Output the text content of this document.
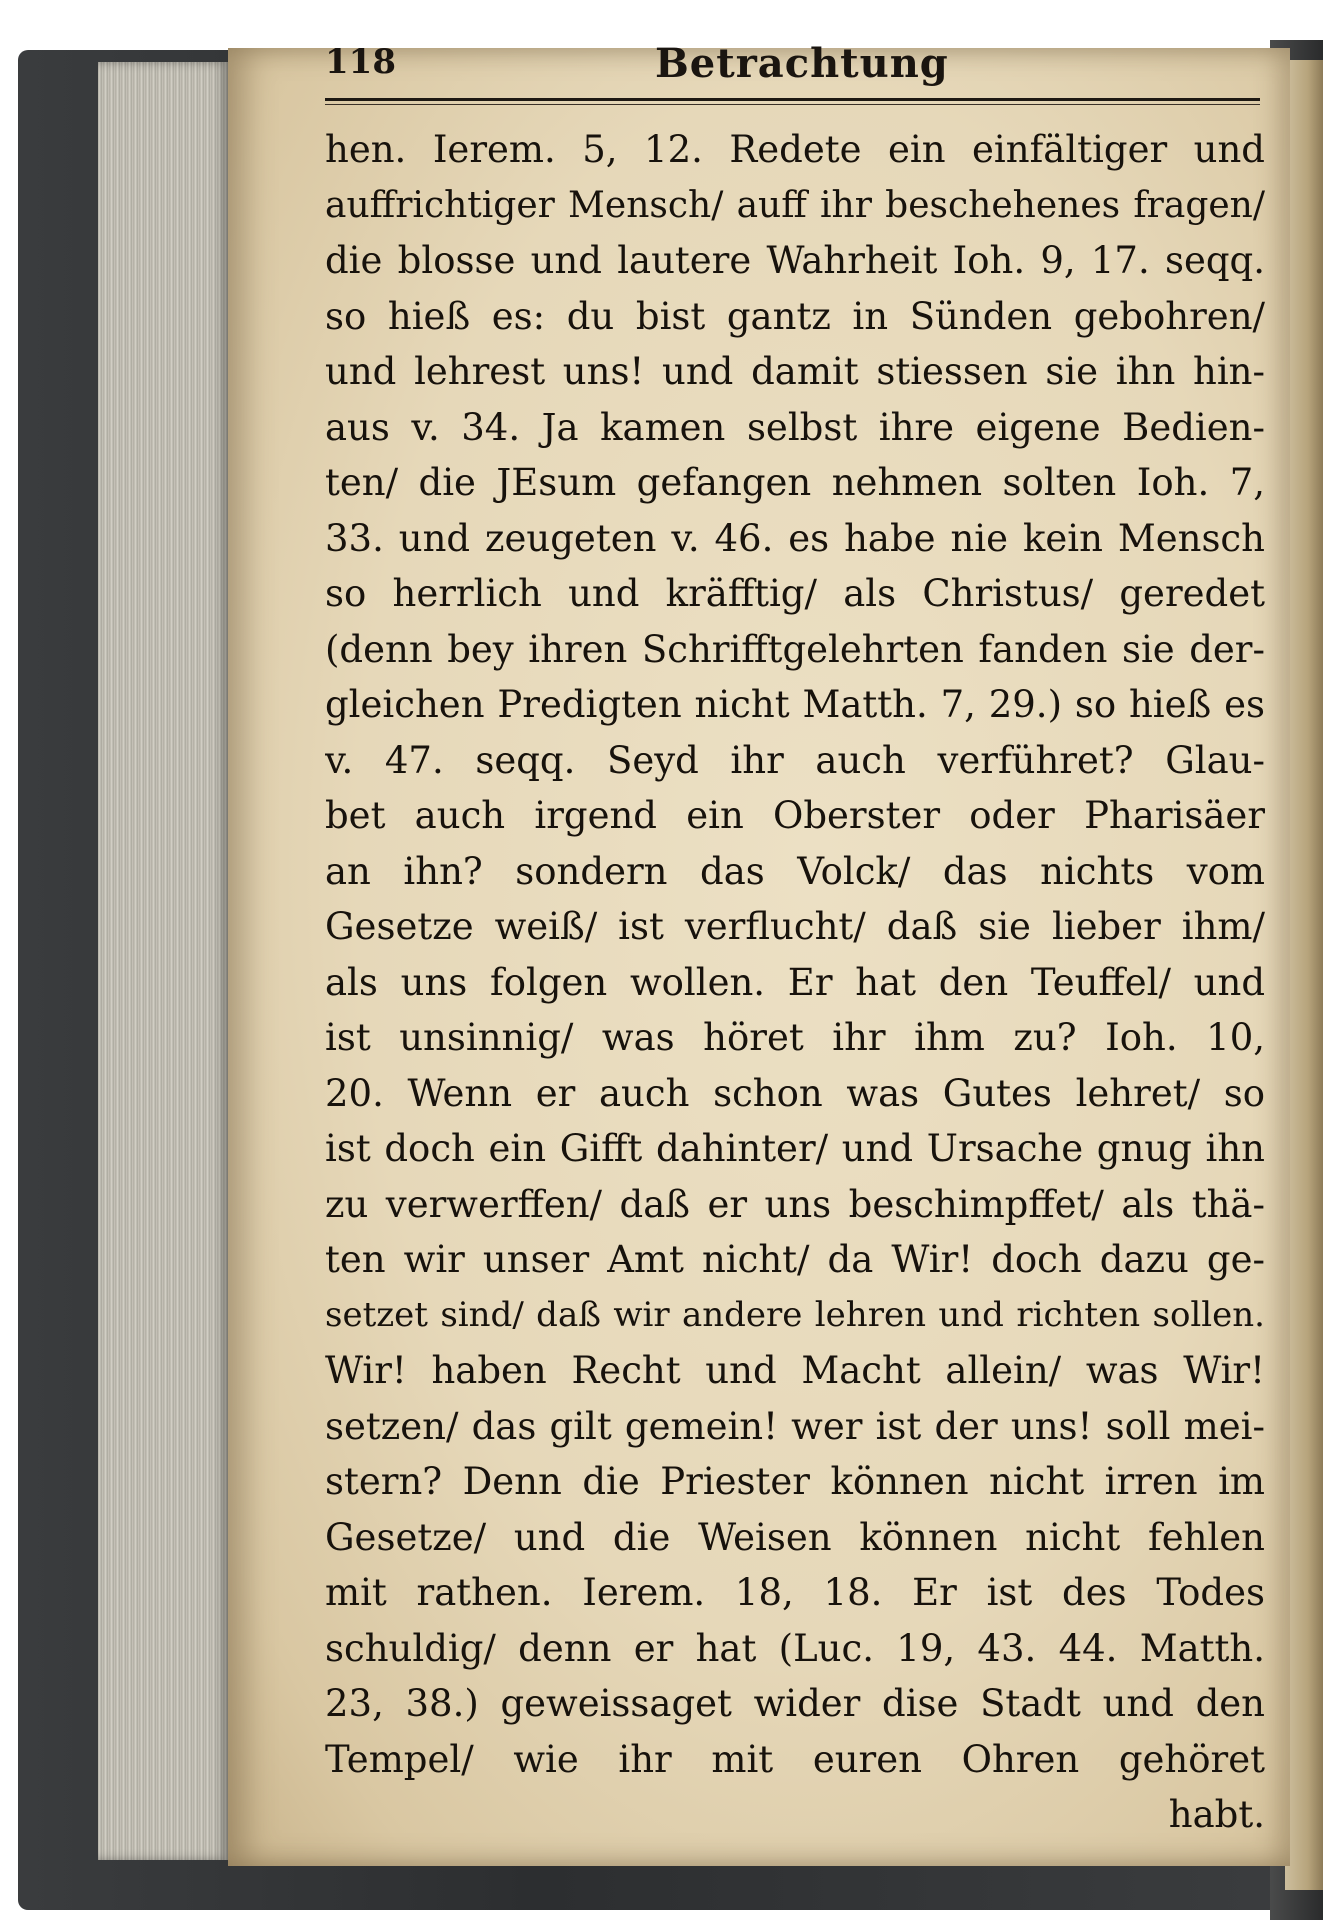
118	Betrachtung
hen. Ierem. 5, 12. Redete ein einfältiger und
auffrichtiger Mensch/ auff ihr beschehenes fragen/
die blosse und lautere Wahrheit Ioh. 9, 17. seqq.
so hieß es: du bist gantz in Sünden gebohren/
und lehrest uns! und damit stiessen sie ihn hin-
aus v. 34. Ja kamen selbst ihre eigene Bedien-
ten/ die JEsum gefangen nehmen solten Ioh. 7,
33. und zeugeten v. 46. es habe nie kein Mensch
so herrlich und kräfftig/ als Christus/ geredet
(denn bey ihren Schrifftgelehrten fanden sie der-
gleichen Predigten nicht Matth. 7, 29.) so hieß es
v. 47. seqq. Seyd ihr auch verführet? Glau-
bet auch irgend ein Oberster oder Pharisäer
an ihn? sondern das Volck/ das nichts vom
Gesetze weiß/ ist verflucht/ daß sie lieber ihm/
als uns folgen wollen. Er hat den Teuffel/ und
ist unsinnig/ was höret ihr ihm zu? Ioh. 10,
20. Wenn er auch schon was Gutes lehret/ so
ist doch ein Gifft dahinter/ und Ursache gnug ihn
zu verwerffen/ daß er uns beschimpffet/ als thä-
ten wir unser Amt nicht/ da Wir! doch dazu ge-
setzet sind/ daß wir andere lehren und richten sollen.
Wir! haben Recht und Macht allein/ was Wir!
setzen/ das gilt gemein! wer ist der uns! soll mei-
stern? Denn die Priester können nicht irren im
Gesetze/ und die Weisen können nicht fehlen
mit rathen. Ierem. 18, 18. Er ist des Todes
schuldig/ denn er hat (Luc. 19, 43. 44. Matth.
23, 38.) geweissaget wider dise Stadt und den
Tempel/ wie ihr mit euren Ohren gehöret
habt.
